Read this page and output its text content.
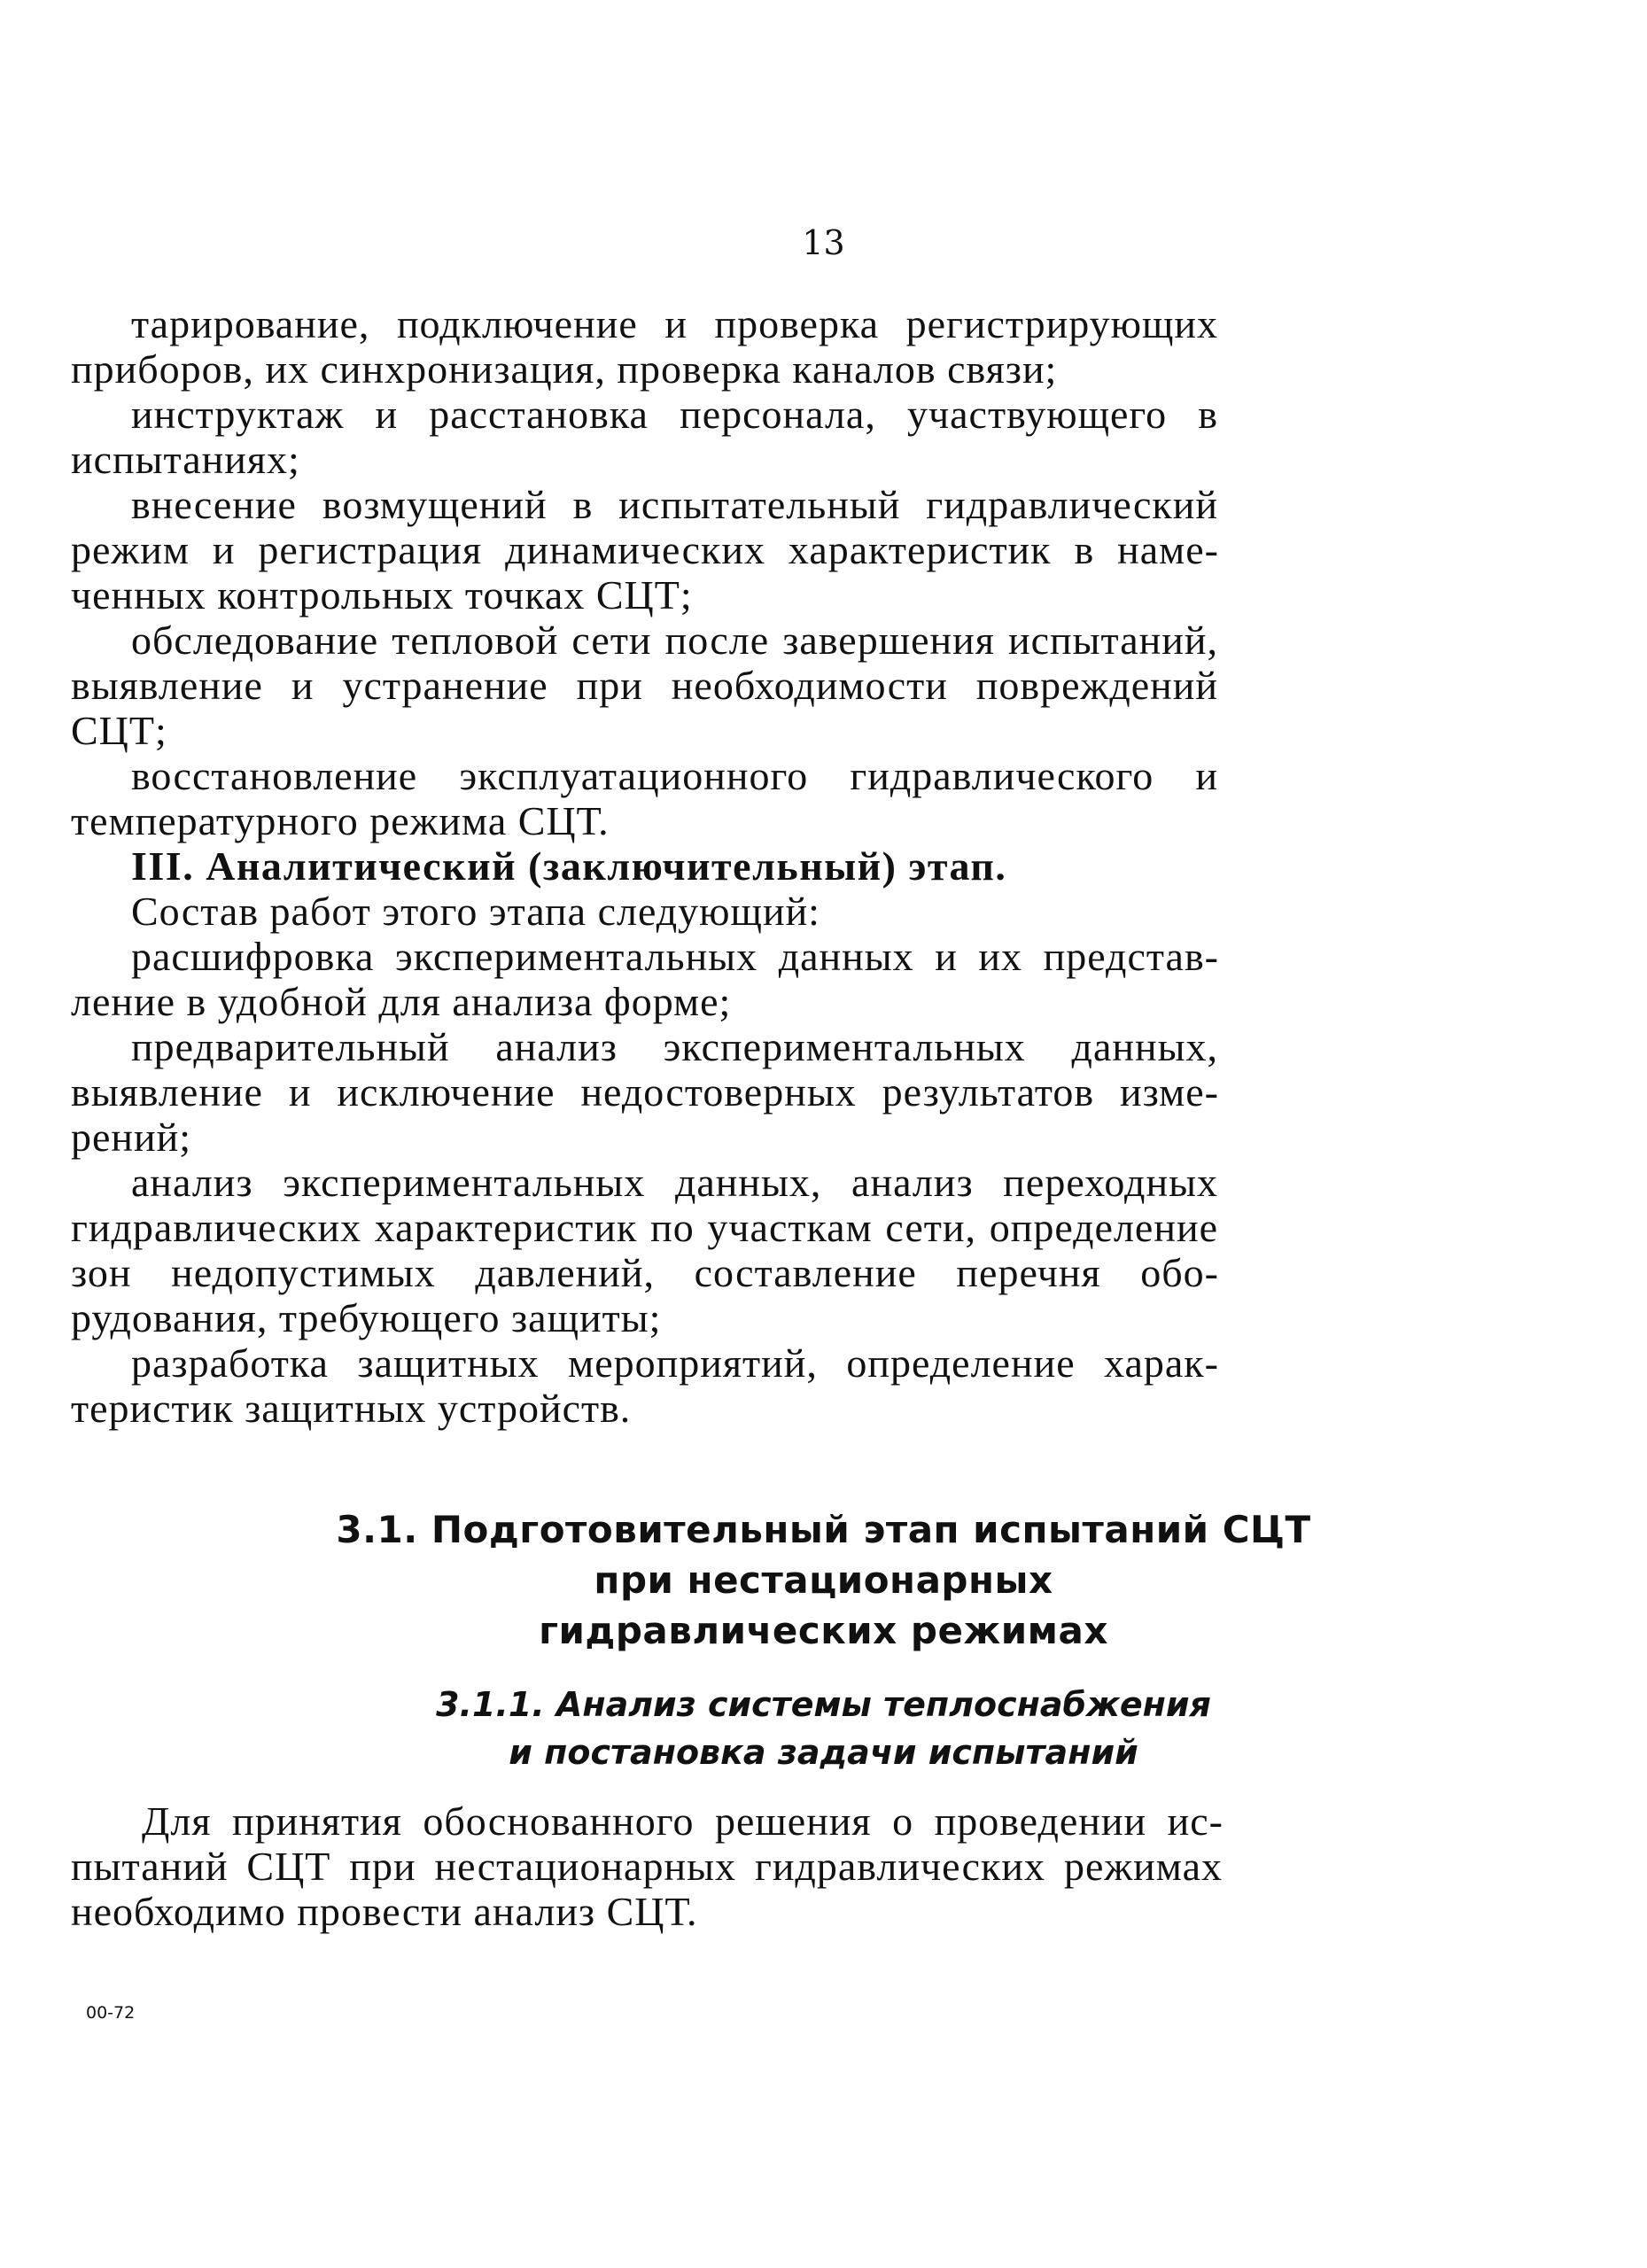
13

тарирование, подключение и проверка регистрирующих приборов, их синхронизация, проверка каналов связи;

инструктаж и расстановка персонала, участвующего в испытаниях;

внесение возмущений в испытательный гидравлический режим и регистрация динамических характеристик в намеченных контрольных точках СЦТ;

обследование тепловой сети после завершения испытаний, выявление и устранение при необходимости повреждений СЦТ;

восстановление эксплуатационного гидравлического и температурного режима СЦТ.

III. Аналитический (заключительный) этап.

Состав работ этого этапа следующий:

расшифровка экспериментальных данных и их представление в удобной для анализа форме;

предварительный анализ экспериментальных данных, выявление и исключение недостоверных результатов измерений;

анализ экспериментальных данных, анализ переходных гидравлических характеристик по участкам сети, определение зон недопустимых давлений, составление перечня оборудования, требующего защиты;

разработка защитных мероприятий, определение характеристик защитных устройств.

3.1. Подготовительный этап испытаний СЦТ
при нестационарных
гидравлических режимах
3.1.1. Анализ системы теплоснабжения
и постановка задачи испытаний

Для принятия обоснованного решения о проведении испытаний СЦТ при нестационарных гидравлических режимах необходимо провести анализ СЦТ.

00-72
